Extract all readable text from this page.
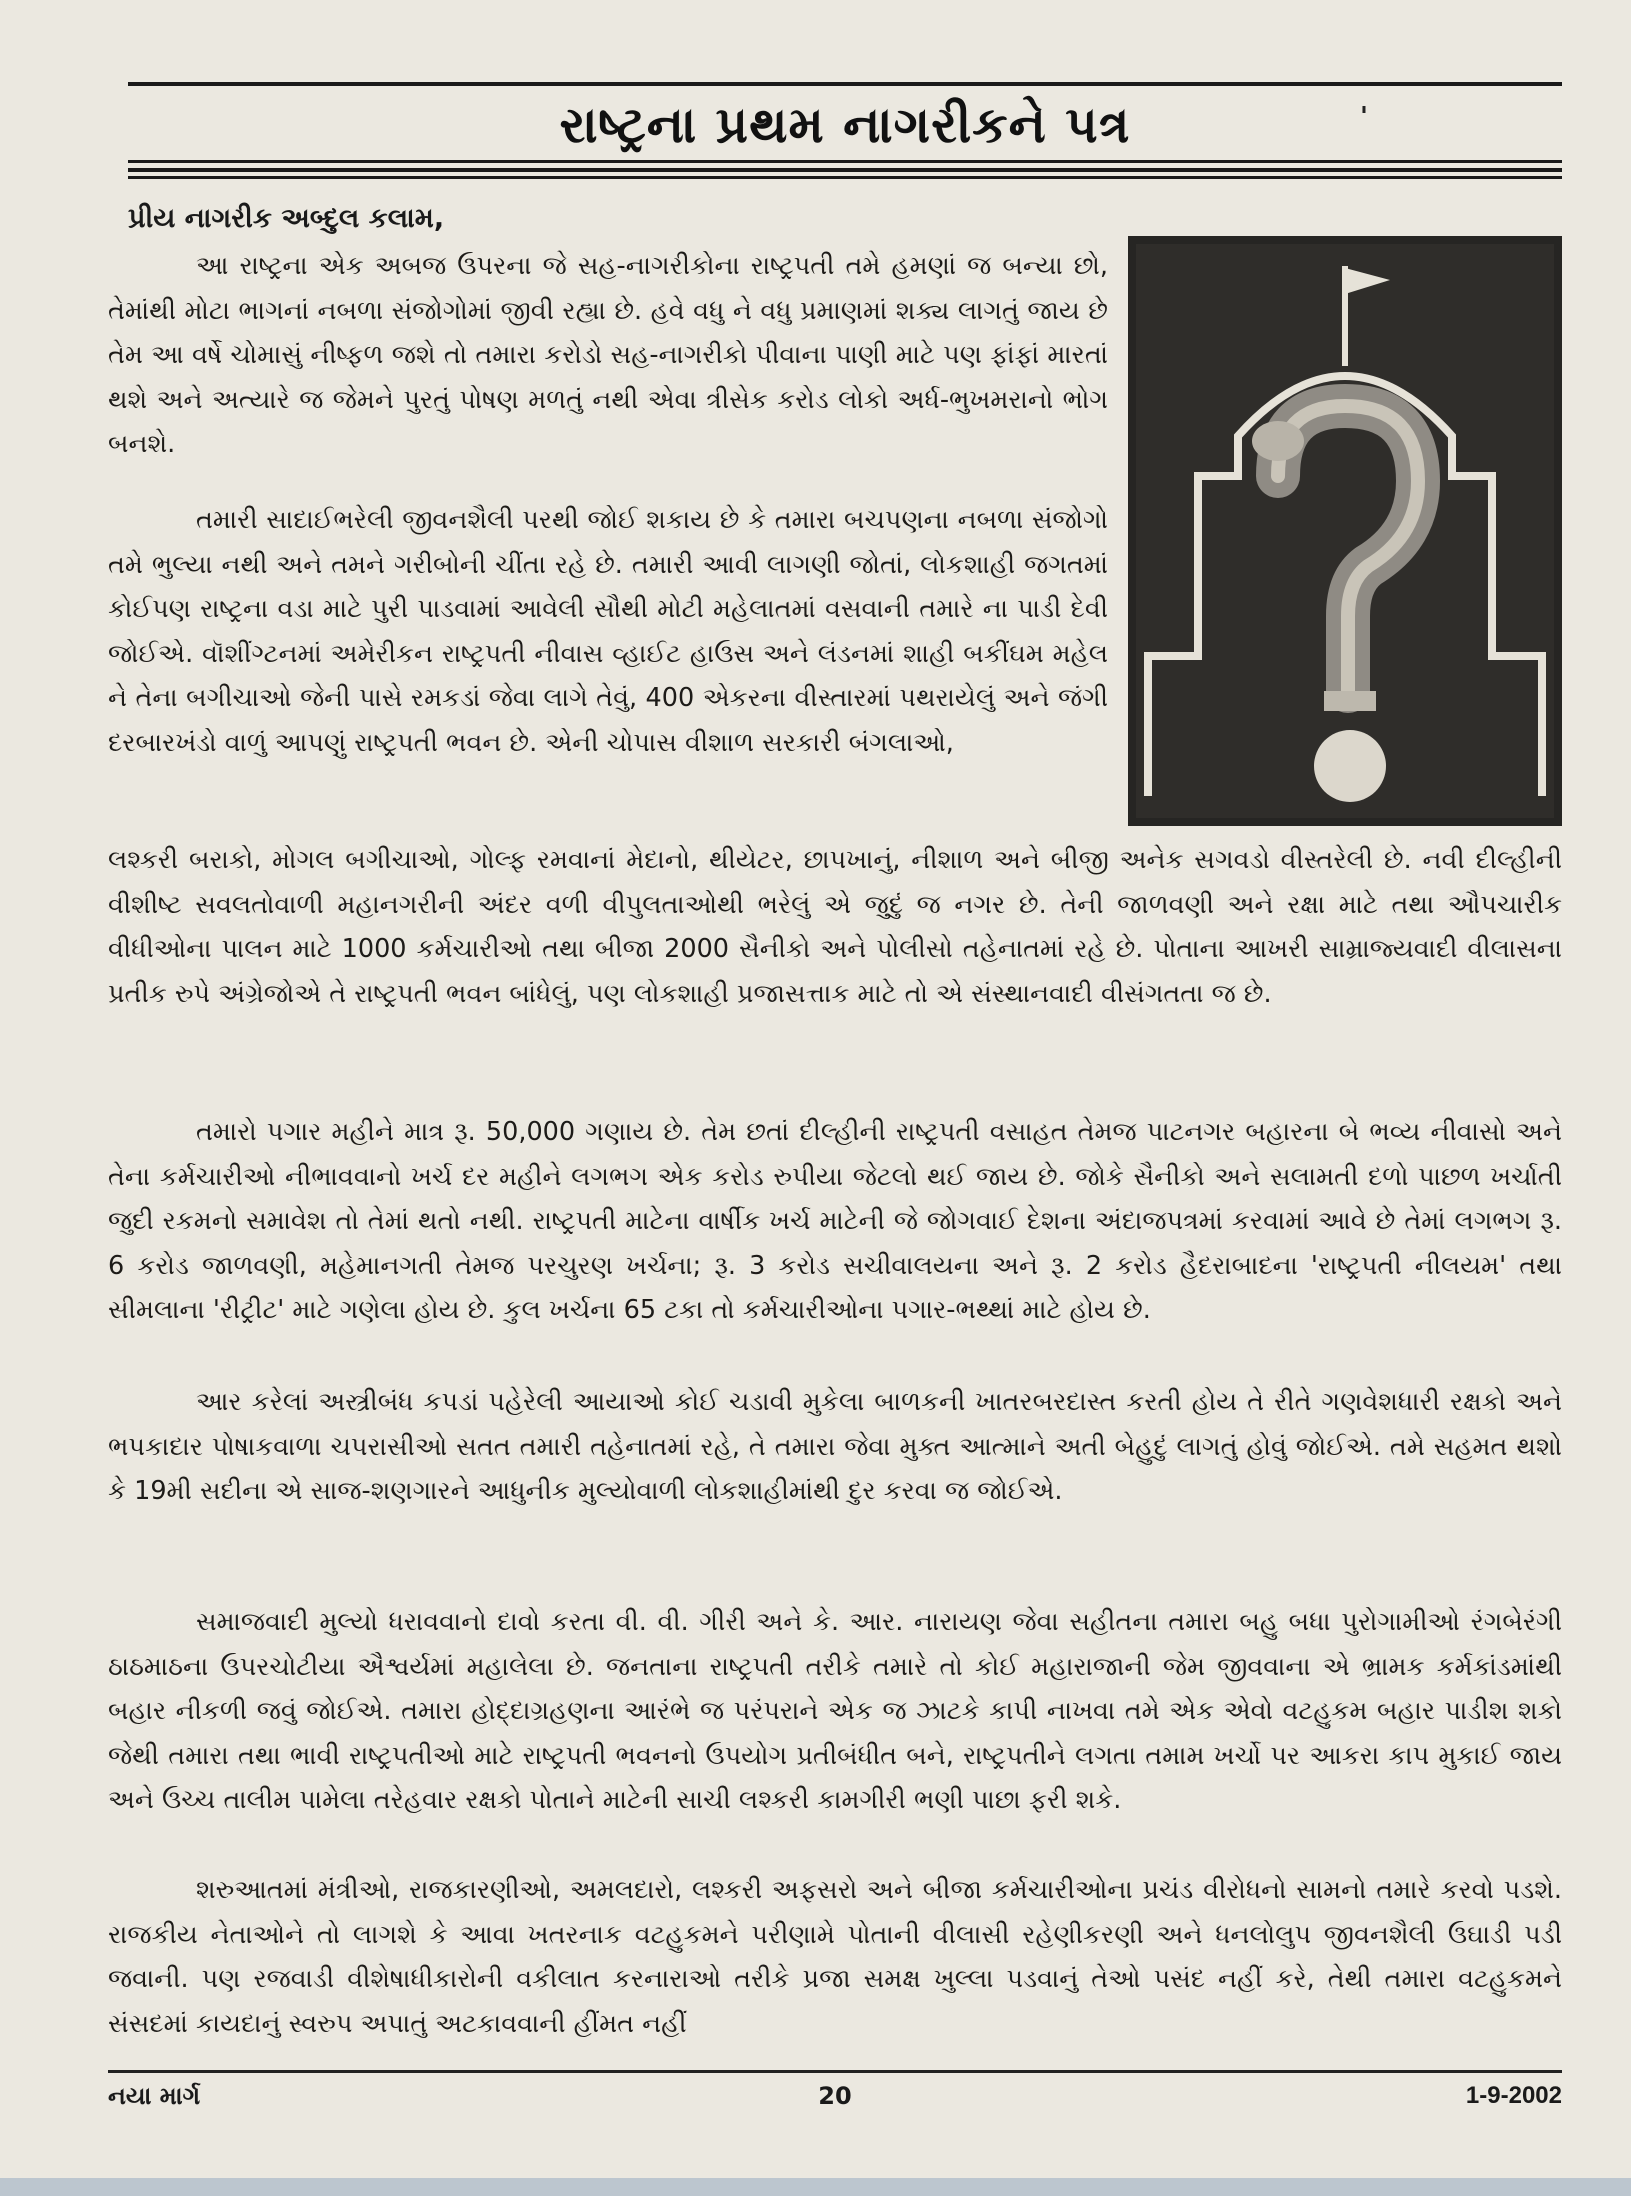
રાષ્ટ્રના પ્રથમ નાગરીકને પત્ર	'
પ્રીય નાગરીક અબ્દુલ કલામ,

આ રાષ્ટ્રના એક અબજ ઉપરના જે સહ-નાગરીકોના રાષ્ટ્રપતી તમે હમણાં જ બન્યા છો, તેમાંથી મોટા ભાગનાં નબળા સંજોગોમાં જીવી રહ્યા છે. હવે વધુ ને વધુ પ્રમાણમાં શક્ય લાગતું જાય છે તેમ આ વર્ષે ચોમાસું નીષ્ફળ જશે તો તમારા કરોડો સહ-નાગરીકો પીવાના પાણી માટે પણ ફાંફાં મારતાં થશે અને અત્યારે જ જેમને પુરતું પોષણ મળતું નથી એવા ત્રીસેક કરોડ લોકો અર્ધ-ભુખમરાનો ભોગ બનશે.

તમારી સાદાઈભરેલી જીવનશૈલી પરથી જોઈ શકાય છે કે તમારા બચપણના નબળા સંજોગો તમે ભુલ્યા નથી અને તમને ગરીબોની ચીંતા રહે છે. તમારી આવી લાગણી જોતાં, લોકશાહી જગતમાં કોઈપણ રાષ્ટ્રના વડા માટે પુરી પાડવામાં આવેલી સૌથી મોટી મહેલાતમાં વસવાની તમારે ના પાડી દેવી જોઈએ. વૉશીંગ્ટનમાં અમેરીકન રાષ્ટ્રપતી નીવાસ વ્હાઈટ હાઉસ અને લંડનમાં શાહી બકીંઘમ મહેલ ને તેના બગીચાઓ જેની પાસે રમકડાં જેવા લાગે તેવું, 400 એકરના વીસ્તારમાં પથરાયેલું અને જંગી દરબારખંડો વાળું આપણું રાષ્ટ્રપતી ભવન છે. એની ચોપાસ વીશાળ સરકારી બંગલાઓ,

લશ્કરી બરાકો, મોગલ બગીચાઓ, ગોલ્ફ રમવાનાં મેદાનો, થીયેટર, છાપખાનું, નીશાળ અને બીજી અનેક સગવડો વીસ્તરેલી છે. નવી દીલ્હીની વીશીષ્ટ સવલતોવાળી મહાનગરીની અંદર વળી વીપુલતાઓથી ભરેલું એ જુદું જ નગર છે. તેની જાળવણી અને રક્ષા માટે તથા ઔપચારીક વીધીઓના પાલન માટે 1000 કર્મચારીઓ તથા બીજા 2000 સૈનીકો અને પોલીસો તહેનાતમાં રહે છે. પોતાના આખરી સામ્રાજ્યવાદી વીલાસના પ્રતીક રુપે અંગ્રેજોએ તે રાષ્ટ્રપતી ભવન બાંધેલું, પણ લોકશાહી પ્રજાસત્તાક માટે તો એ સંસ્થાનવાદી વીસંગતતા જ છે.

તમારો પગાર મહીને માત્ર રૂ. 50,000 ગણાય છે. તેમ છતાં દીલ્હીની રાષ્ટ્રપતી વસાહત તેમજ પાટનગર બહારના બે ભવ્ય નીવાસો અને તેના કર્મચારીઓ નીભાવવાનો ખર્ચ દર મહીને લગભગ એક કરોડ રુપીયા જેટલો થઈ જાય છે. જોકે સૈનીકો અને સલામતી દળો પાછળ ખર્ચાતી જુદી રકમનો સમાવેશ તો તેમાં થતો નથી. રાષ્ટ્રપતી માટેના વાર્ષીક ખર્ચ માટેની જે જોગવાઈ દેશના અંદાજપત્રમાં કરવામાં આવે છે તેમાં લગભગ રૂ. 6 કરોડ જાળવણી, મહેમાનગતી તેમજ પરચુરણ ખર્ચના; રૂ. 3 કરોડ સચીવાલયના અને રૂ. 2 કરોડ હૈદરાબાદના 'રાષ્ટ્રપતી નીલયમ' તથા સીમલાના 'રીટ્રીટ' માટે ગણેલા હોય છે. કુલ ખર્ચના 65 ટકા તો કર્મચારીઓના પગાર-ભથ્થાં માટે હોય છે.

આર કરેલાં અસ્ત્રીબંધ કપડાં પહેરેલી આયાઓ કોઈ ચડાવી મુકેલા બાળકની ખાતરબરદાસ્ત કરતી હોય તે રીતે ગણવેશધારી રક્ષકો અને ભપકાદાર પોષાકવાળા ચપરાસીઓ સતત તમારી તહેનાતમાં રહે, તે તમારા જેવા મુક્ત આત્માને અતી બેહુદું લાગતું હોવું જોઈએ. તમે સહમત થશો કે 19મી સદીના એ સાજ-શણગારને આધુનીક મુલ્યોવાળી લોકશાહીમાંથી દુર કરવા જ જોઈએ.

સમાજવાદી મુલ્યો ધરાવવાનો દાવો કરતા વી. વી. ગીરી અને કે. આર. નારાયણ જેવા સહીતના તમારા બહુ બધા પુરોગામીઓ રંગબેરંગી ઠાઠમાઠના ઉપરચોટીયા ઐશ્વર્યમાં મહાલેલા છે. જનતાના રાષ્ટ્રપતી તરીકે તમારે તો કોઈ મહારાજાની જેમ જીવવાના એ ભ્રામક કર્મકાંડમાંથી બહાર નીકળી જવું જોઈએ. તમારા હોદ્દાગ્રહણના આરંભે જ પરંપરાને એક જ ઝાટકે કાપી નાખવા તમે એક એવો વટહુકમ બહાર પાડીશ શકો જેથી તમારા તથા ભાવી રાષ્ટ્રપતીઓ માટે રાષ્ટ્રપતી ભવનનો ઉપયોગ પ્રતીબંધીત બને, રાષ્ટ્રપતીને લગતા તમામ ખર્ચો પર આકરા કાપ મુકાઈ જાય અને ઉચ્ચ તાલીમ પામેલા તરેહવાર રક્ષકો પોતાને માટેની સાચી લશ્કરી કામગીરી ભણી પાછા ફરી શકે.

શરુઆતમાં મંત્રીઓ, રાજકારણીઓ, અમલદારો, લશ્કરી અફસરો અને બીજા કર્મચારીઓના પ્રચંડ વીરોધનો સામનો તમારે કરવો પડશે. રાજકીય નેતાઓને તો લાગશે કે આવા ખતરનાક વટહુકમને પરીણામે પોતાની વીલાસી રહેણીકરણી અને ધનલોલુપ જીવનશૈલી ઉઘાડી પડી જવાની. પણ રજવાડી વીશેષાધીકારોની વકીલાત કરનારાઓ તરીકે પ્રજા સમક્ષ ખુલ્લા પડવાનું તેઓ પસંદ નહીં કરે, તેથી તમારા વટહુકમને સંસદમાં કાયદાનું સ્વરુપ અપાતું અટકાવવાની હીંમત નહીં

નયા માર્ગ	20	1-9-2002
